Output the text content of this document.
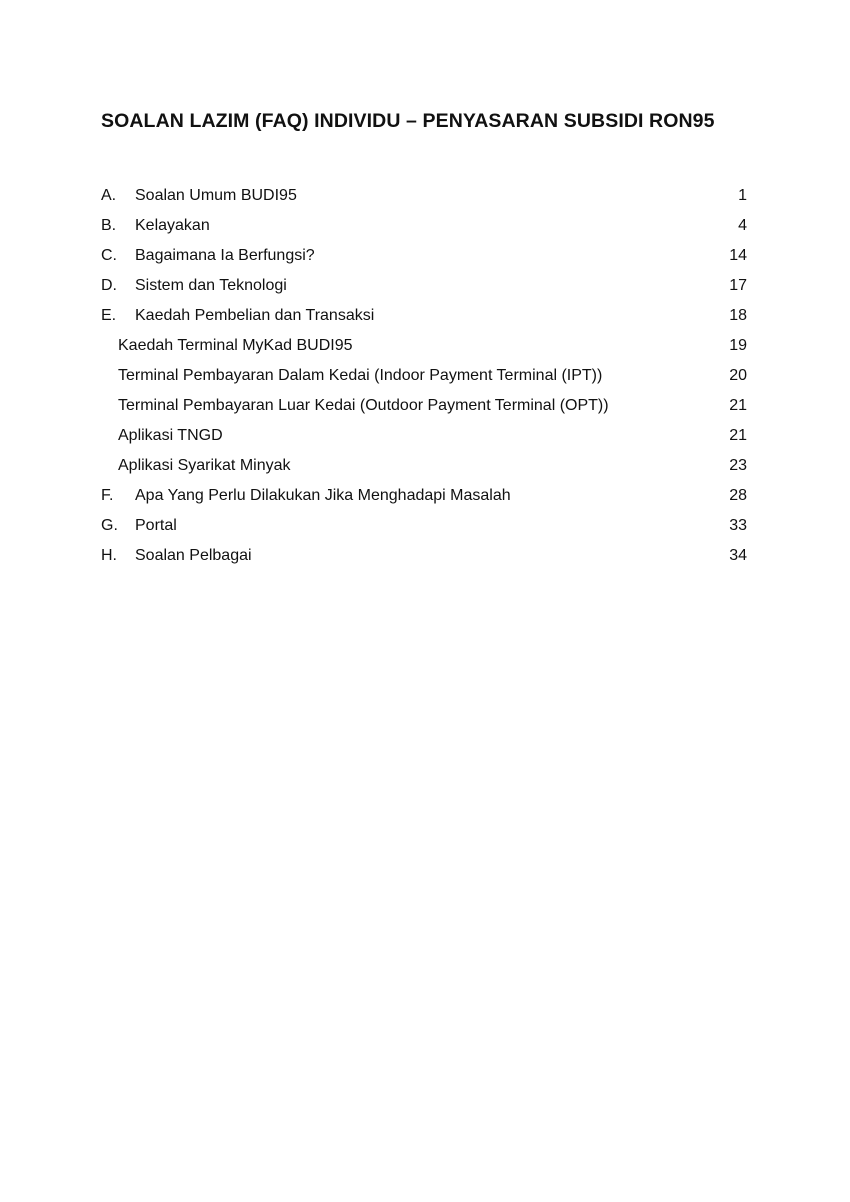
SOALAN LAZIM (FAQ) INDIVIDU – PENYASARAN SUBSIDI RON95
A. Soalan Umum BUDI95	1
B. Kelayakan	4
C. Bagaimana Ia Berfungsi?	14
D. Sistem dan Teknologi	17
E. Kaedah Pembelian dan Transaksi	18
Kaedah Terminal MyKad BUDI95	19
Terminal Pembayaran Dalam Kedai (Indoor Payment Terminal (IPT))	20
Terminal Pembayaran Luar Kedai (Outdoor Payment Terminal (OPT))	21
Aplikasi TNGD	21
Aplikasi Syarikat Minyak	23
F. Apa Yang Perlu Dilakukan Jika Menghadapi Masalah	28
G. Portal	33
H. Soalan Pelbagai	34
